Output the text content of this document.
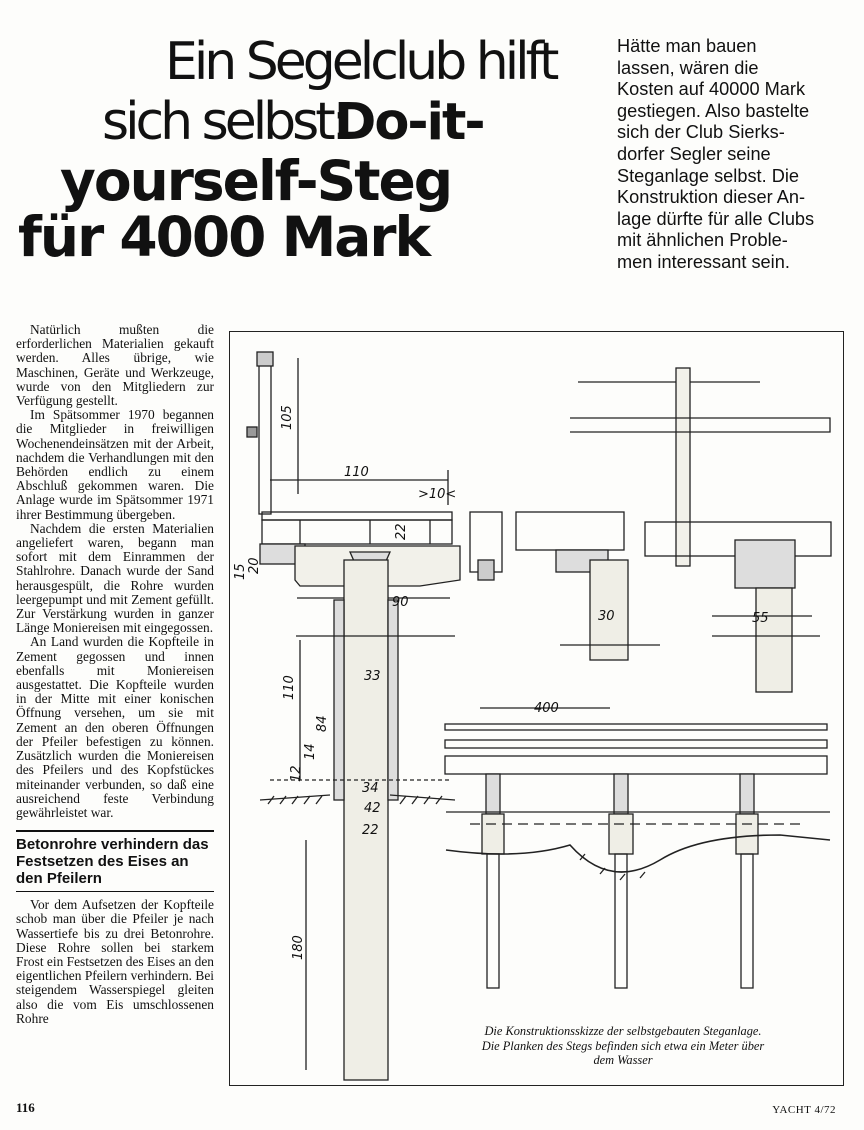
Ein Segelclub hilft
sich selbst:
Do-it-
yourself-Steg
für 4000 Mark
Hätte man bauen
lassen, wären die
Kosten auf 40000 Mark
gestiegen. Also bastelte
sich der Club Sierks-
dorfer Segler seine
Steganlage selbst. Die
Konstruktion dieser An-
lage dürfte für alle Clubs
mit ähnlichen Proble-
men interessant sein.

Natürlich mußten die erforderlichen Materialien gekauft werden. Alles übrige, wie Maschinen, Geräte und Werkzeuge, wurde von den Mitgliedern zur Verfügung gestellt.

Im Spätsommer 1970 begannen die Mitglieder in freiwilligen Wochenendeinsätzen mit der Arbeit, nachdem die Verhandlungen mit den Behörden endlich zu einem Abschluß gekommen waren. Die Anlage wurde im Spätsommer 1971 ihrer Bestimmung übergeben.

Nachdem die ersten Materialien angeliefert waren, begann man sofort mit dem Einrammen der Stahlrohre. Danach wurde der Sand herausgespült, die Rohre wurden leergepumpt und mit Zement gefüllt. Zur Verstärkung wurden in ganzer Länge Moniereisen mit eingegossen.

An Land wurden die Kopfteile in Zement gegossen und innen ebenfalls mit Moniereisen ausgestattet. Die Kopfteile wurden in der Mitte mit einer konischen Öffnung versehen, um sie mit Zement an den oberen Öffnungen der Pfeiler befestigen zu können. Zusätzlich wurden die Moniereisen des Pfeilers und des Kopfstückes miteinander verbunden, so daß eine ausreichend feste Verbindung gewährleistet war.

Betonrohre verhindern das Festsetzen des Eises an den Pfeilern

Vor dem Aufsetzen der Kopfteile schob man über die Pfeiler je nach Wassertiefe bis zu drei Betonrohre. Diese Rohre sollen bei starkem Frost ein Festsetzen des Eises an den eigentlichen Pfeilern verhindern. Bei steigendem Wasserspiegel gleiten also die vom Eis umschlossenen Rohre

105
110
>10<
22
15 20
90
30	55
110	33
84
14
12
34
42
22
180
400
Die Konstruktionsskizze der selbstgebauten Steganlage. Die Planken des Stegs befinden sich etwa ein Meter über dem Wasser
116	YACHT 4/72
